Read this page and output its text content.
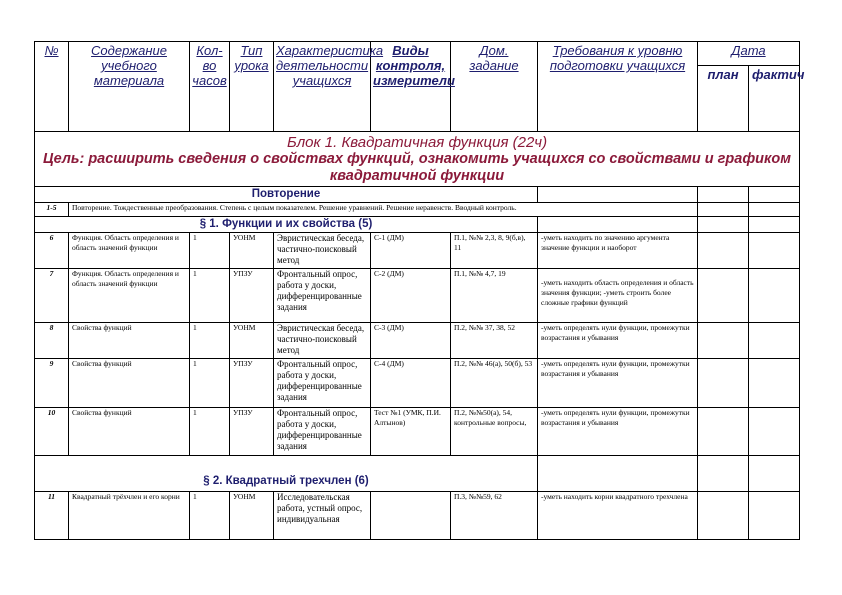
№	Содержание учебного материала	Кол-во часов	Тип урока	Характеристика деятельности учащихся	Виды контроля, измерители	Дом. задание	Требования к уровню подготовки учащихся	Дата	
								план	фактич

Блок 1. Квадратичная функция (22ч)
Цель: расширить сведения о свойствах функций, ознакомить учащихся со свойствами и графиком квадратичной функции									

Повторение									

1-5	Повторение. Тождественные преобразования. Степень с целым показателем. Решение уравнений. Решение неравенств. Вводный контроль.								

§ 1. Функции и их свойства (5)									

6	Функция. Область определения и область значений функции	1	УОНМ	Эвристическая беседа, частично-поисковый метод	С-1 (ДМ)	П.1, №№ 2,3, 8, 9(б,в), 11	-уметь находить по значению аргумента значение функции и наоборот		
7	Функция. Область определения и область значений функции	1	УПЗУ	Фронтальный опрос, работа у доски, дифференцированные задания	С-2 (ДМ)	П.1, №№ 4,7, 19	-уметь находить область определения и область значения функции; -уметь строить более сложные графики функций		
8	Свойства функций	1	УОНМ	Эвристическая беседа, частично-поисковый метод	С-3 (ДМ)	П.2, №№ 37, 38, 52	-уметь определять нули функции, промежутки возрастания и убывания		
9	Свойства функций	1	УПЗУ	Фронтальный опрос, работа у доски, дифференцированные задания	С-4 (ДМ)	П.2, №№ 46(а), 50(б), 53	-уметь определять нули функции, промежутки возрастания и убывания		
10	Свойства функций	1	УПЗУ	Фронтальный опрос, работа у доски, дифференцированные задания	Тест №1 (УМК, П.И. Алтынов)	П.2, №№50(а), 54, контрольные вопросы,	-уметь определять нули функции, промежутки возрастания и убывания		

§ 2. Квадратный трехчлен (6)									

11	Квадратный трёхчлен и его корни	1	УОНМ	Исследовательская работа, устный опрос, индивидуальная		П.3, №№59, 62	-уметь находить корни квадратного трехчлена		
